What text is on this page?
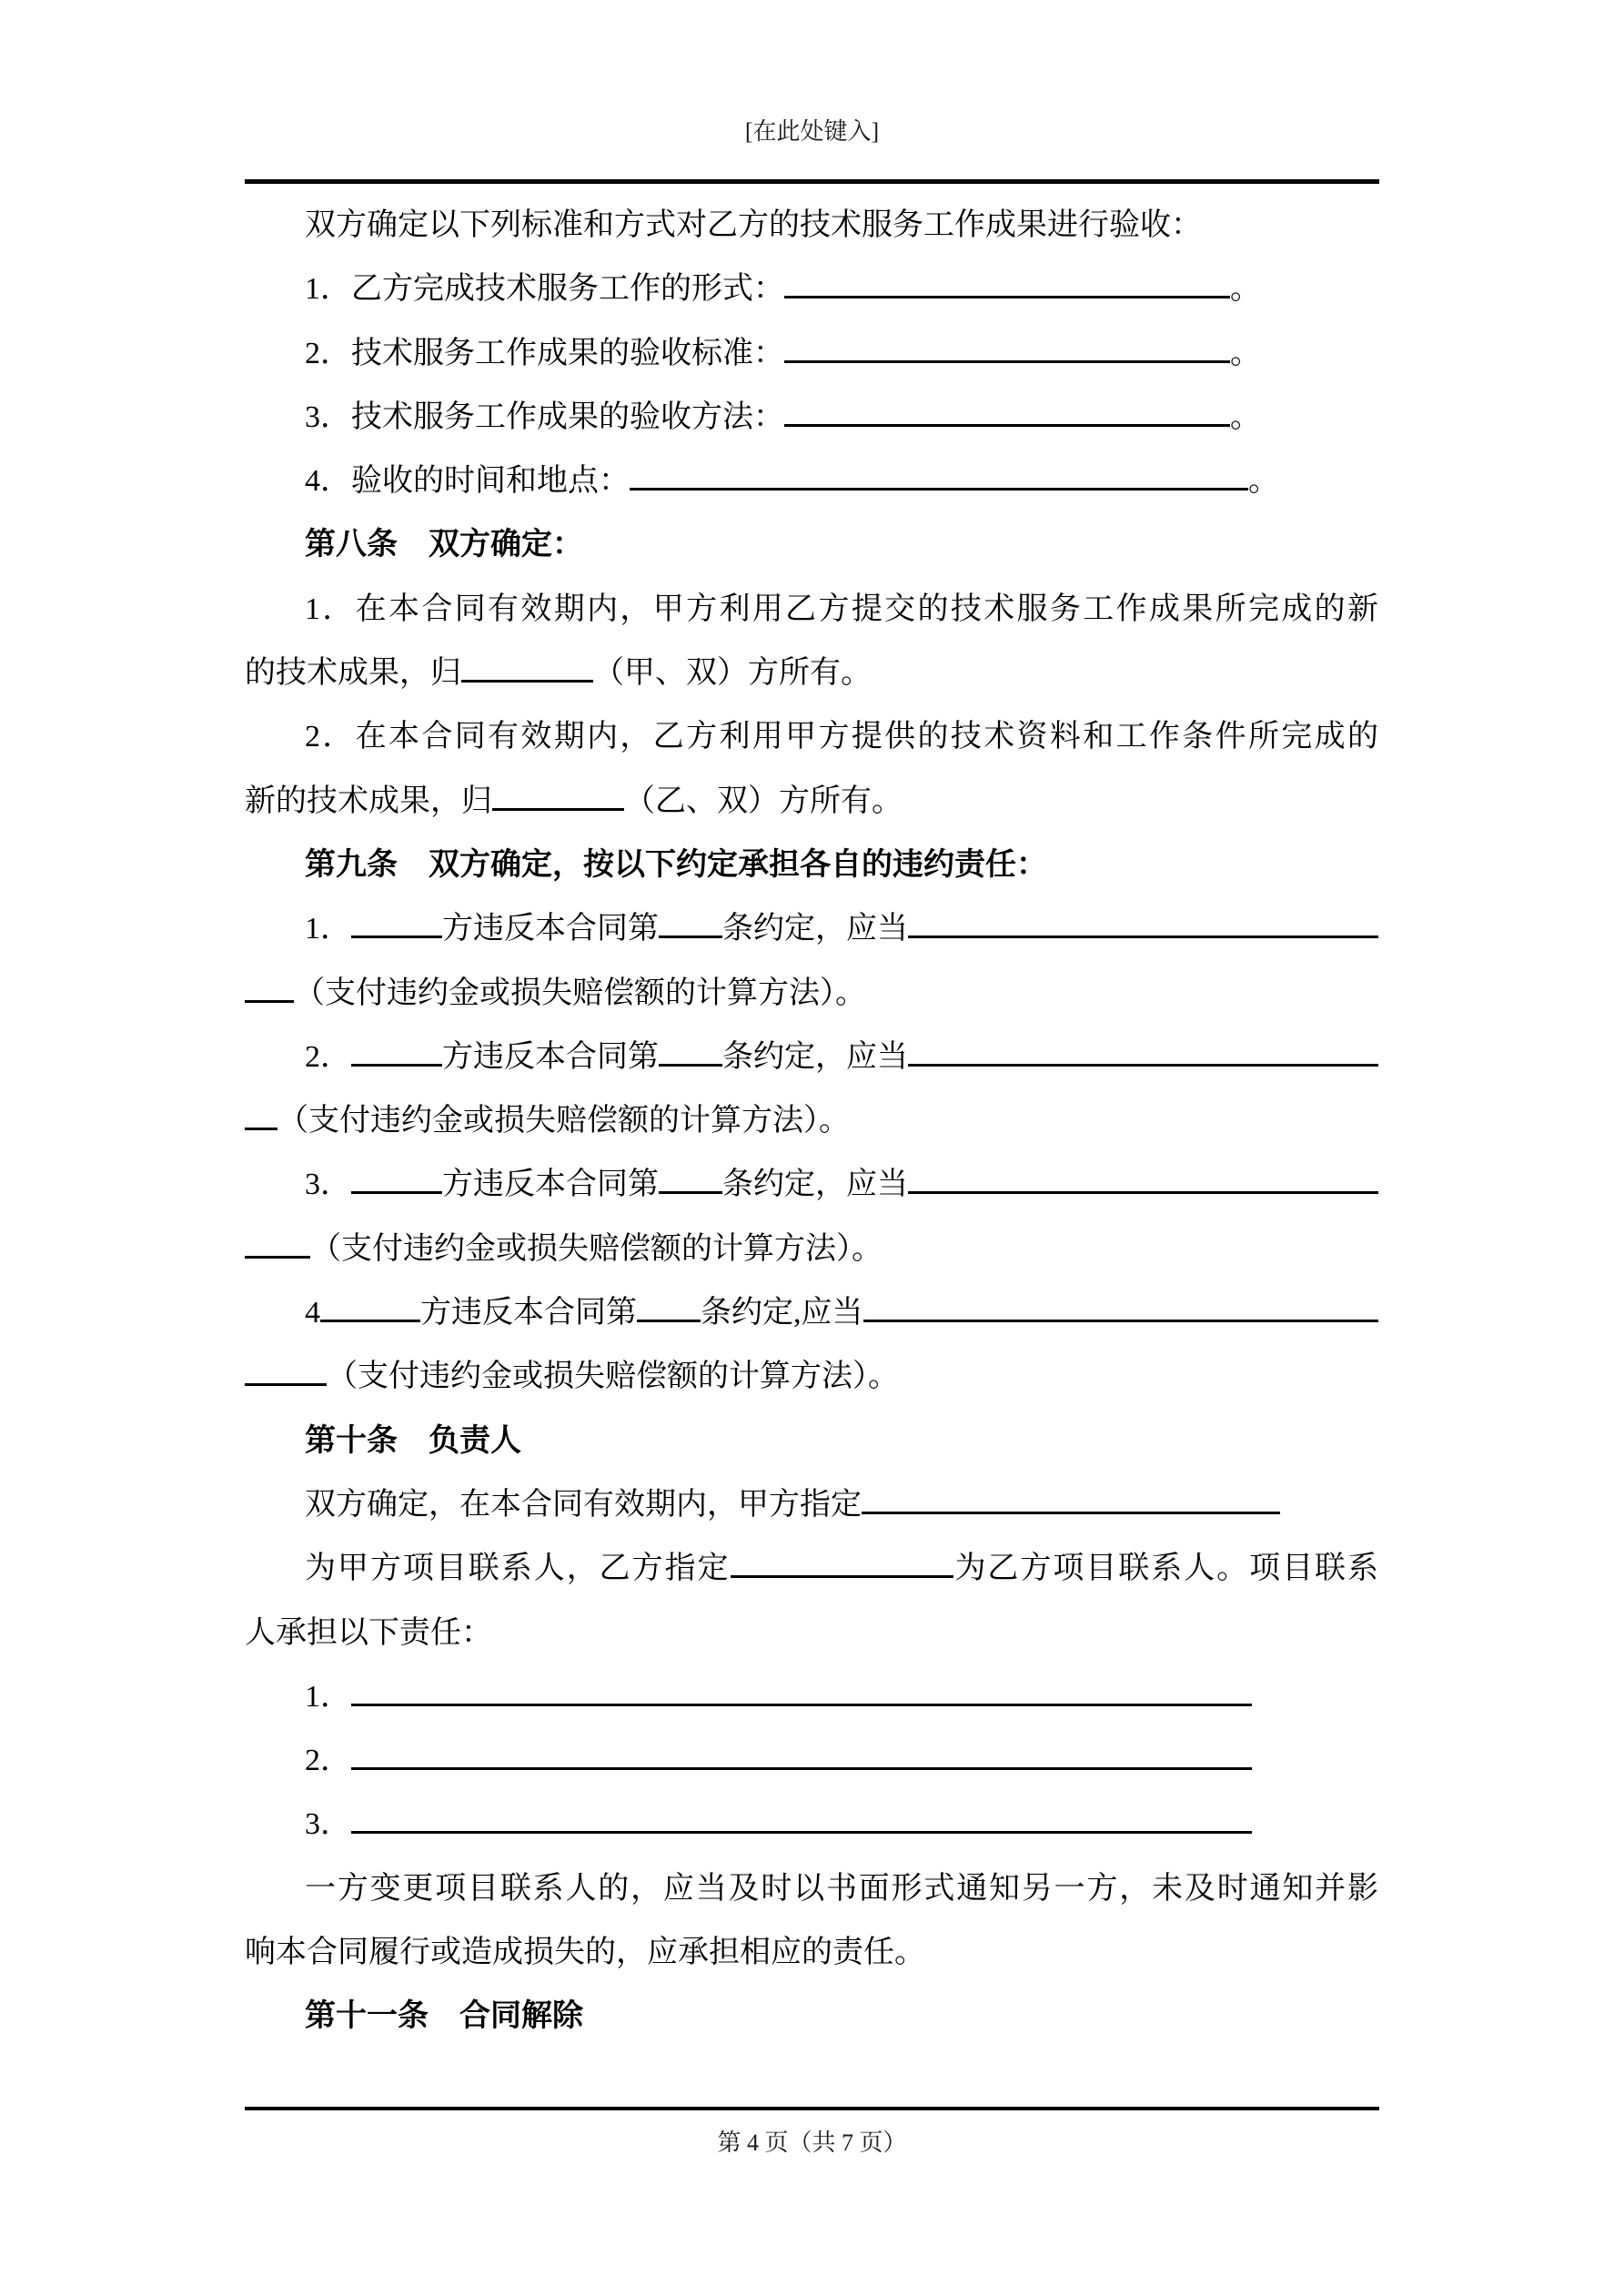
[在此处键入]
双方确定以下列标准和方式对乙方的技术服务工作成果进行验收：
1．乙方完成技术服务工作的形式：	。
2．技术服务工作成果的验收标准：	。
3．技术服务工作成果的验收方法：	。
4．验收的时间和地点：	。
第八条　双方确定：
1．在本合同有效期内，甲方利用乙方提交的技术服务工作成果所完成的新
的技术成果，归	（甲、双）方所有。
2．在本合同有效期内，乙方利用甲方提供的技术资料和工作条件所完成的
新的技术成果，归	（乙、双）方所有。
第九条　双方确定，按以下约定承担各自的违约责任：
1．	方违反本合同第 条约定，应当
（支付违约金或损失赔偿额的计算方法）。
2．	方违反本合同第 条约定，应当
（支付违约金或损失赔偿额的计算方法）。
3．	方违反本合同第 条约定，应当
（支付违约金或损失赔偿额的计算方法）。
4	方违反本合同第 条约定,应当
（支付违约金或损失赔偿额的计算方法）。
第十条　负责人
双方确定，在本合同有效期内，甲方指定
为甲方项目联系人，乙方指定	为乙方项目联系人。项目联系
人承担以下责任：
1．
2．
3．
一方变更项目联系人的，应当及时以书面形式通知另一方，未及时通知并影
响本合同履行或造成损失的，应承担相应的责任。
第十一条　合同解除
第 4 页（共 7 页）
